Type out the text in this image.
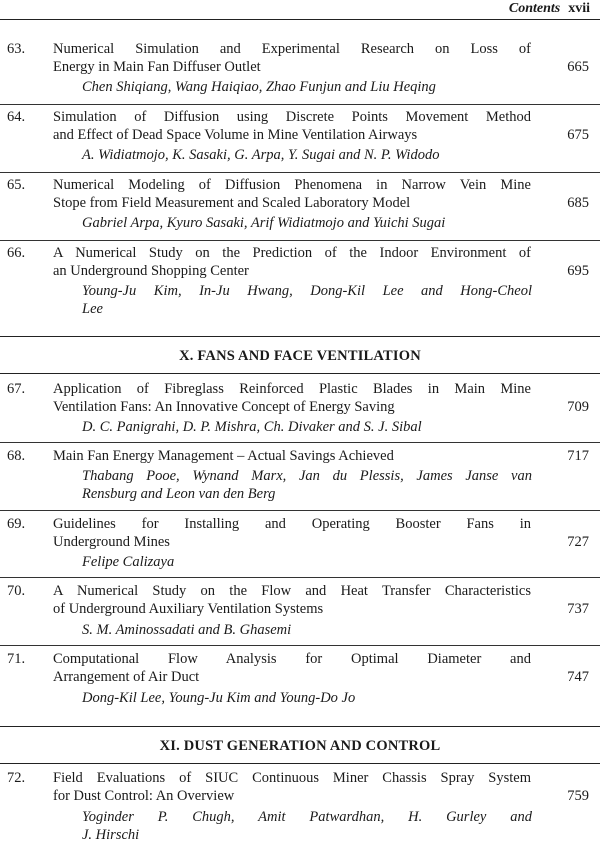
Contents xvii
63. Numerical Simulation and Experimental Research on Loss of
Energy in Main Fan Diffuser Outlet	665
Chen Shiqiang, Wang Haiqiao, Zhao Funjun and Liu Heqing
64. Simulation of Diffusion using Discrete Points Movement Method
and Effect of Dead Space Volume in Mine Ventilation Airways	675
A. Widiatmojo, K. Sasaki, G. Arpa, Y. Sugai and N. P. Widodo
65. Numerical Modeling of Diffusion Phenomena in Narrow Vein Mine
Stope from Field Measurement and Scaled Laboratory Model	685
Gabriel Arpa, Kyuro Sasaki, Arif Widiatmojo and Yuichi Sugai
66. A Numerical Study on the Prediction of the Indoor Environment of
an Underground Shopping Center	695
Young-Ju Kim, In-Ju Hwang, Dong-Kil Lee and Hong-Cheol
Lee
X. FANS AND FACE VENTILATION
67. Application of Fibreglass Reinforced Plastic Blades in Main Mine
Ventilation Fans: An Innovative Concept of Energy Saving	709
D. C. Panigrahi, D. P. Mishra, Ch. Divaker and S. J. Sibal
68. Main Fan Energy Management – Actual Savings Achieved	717
Thabang Pooe, Wynand Marx, Jan du Plessis, James Janse van
Rensburg and Leon van den Berg
69. Guidelines for Installing and Operating Booster Fans in
Underground Mines	727
Felipe Calizaya
70. A Numerical Study on the Flow and Heat Transfer Characteristics
of Underground Auxiliary Ventilation Systems	737
S. M. Aminossadati and B. Ghasemi
71. Computational Flow Analysis for Optimal Diameter and
Arrangement of Air Duct	747
Dong-Kil Lee, Young-Ju Kim and Young-Do Jo
XI. DUST GENERATION AND CONTROL
72. Field Evaluations of SIUC Continuous Miner Chassis Spray System
for Dust Control: An Overview	759
Yoginder P. Chugh, Amit Patwardhan, H. Gurley and
J. Hirschi
